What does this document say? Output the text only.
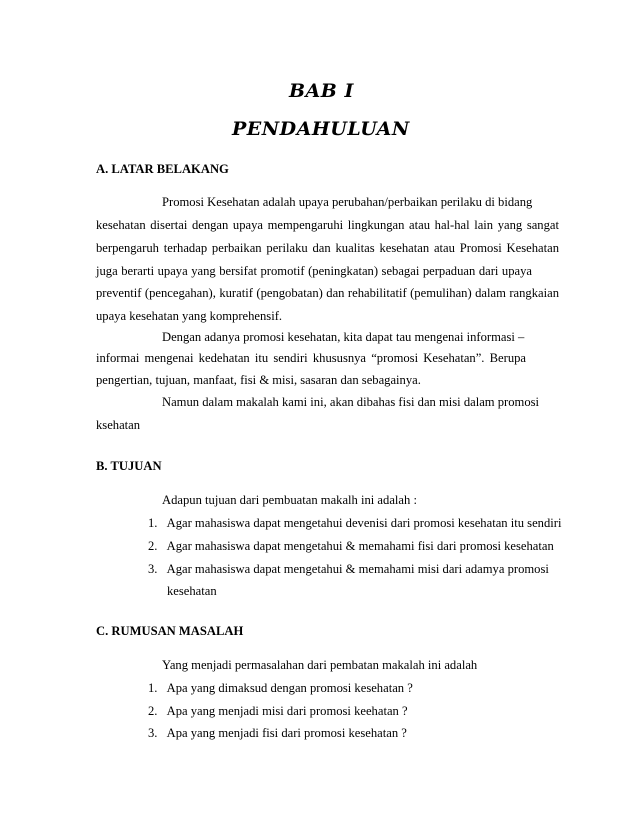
BAB I
PENDAHULUAN
A. LATAR BELAKANG
Promosi Kesehatan adalah upaya perubahan/perbaikan perilaku di bidang
kesehatan disertai dengan upaya mempengaruhi lingkungan atau hal-hal lain yang sangat
berpengaruh terhadap perbaikan perilaku dan kualitas kesehatan atau Promosi Kesehatan
juga berarti upaya yang bersifat promotif (peningkatan) sebagai perpaduan dari upaya
preventif (pencegahan), kuratif (pengobatan) dan rehabilitatif (pemulihan) dalam rangkaian
upaya kesehatan yang komprehensif.
Dengan adanya promosi kesehatan, kita dapat tau mengenai informasi –
informai mengenai kedehatan itu sendiri khususnya “promosi Kesehatan”. Berupa
pengertian, tujuan, manfaat, fisi & misi, sasaran dan sebagainya.
Namun dalam makalah kami ini, akan dibahas fisi dan misi dalam promosi
ksehatan
B. TUJUAN
Adapun tujuan dari pembuatan makalh ini adalah :
1. Agar mahasiswa dapat mengetahui devenisi dari promosi kesehatan itu sendiri
2. Agar mahasiswa dapat mengetahui & memahami fisi dari promosi kesehatan
3. Agar mahasiswa dapat mengetahui & memahami misi dari adamya promosi
kesehatan
C. RUMUSAN MASALAH
Yang menjadi permasalahan dari pembatan makalah ini adalah
1. Apa yang dimaksud dengan promosi kesehatan ?
2. Apa yang menjadi misi dari promosi keehatan ?
3. Apa yang menjadi fisi dari promosi kesehatan ?
